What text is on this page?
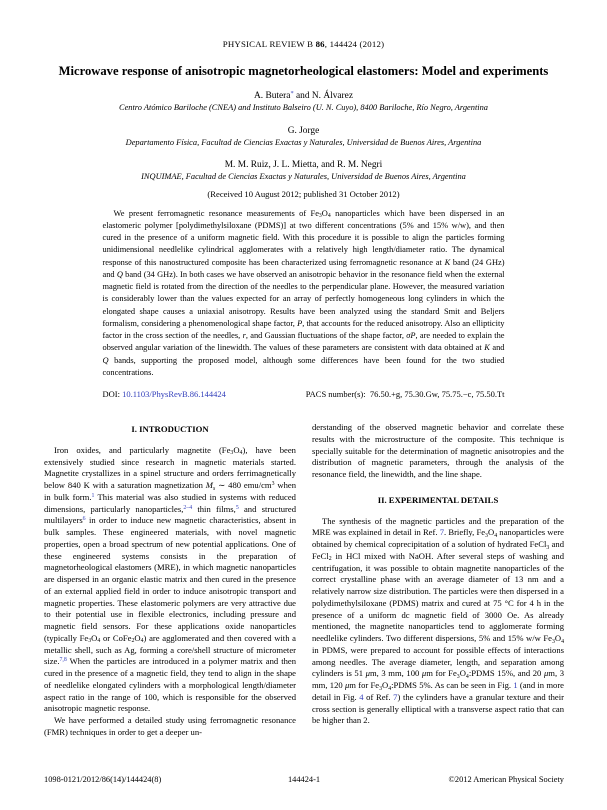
PHYSICAL REVIEW B 86, 144424 (2012)
Microwave response of anisotropic magnetorheological elastomers: Model and experiments
A. Butera* and N. Álvarez
Centro Atómico Bariloche (CNEA) and Instituto Balseiro (U. N. Cuyo), 8400 Bariloche, Río Negro, Argentina
G. Jorge
Departamento Física, Facultad de Ciencias Exactas y Naturales, Universidad de Buenos Aires, Argentina
M. M. Ruiz, J. L. Mietta, and R. M. Negri
INQUIMAE, Facultad de Ciencias Exactas y Naturales, Universidad de Buenos Aires, Argentina
(Received 10 August 2012; published 31 October 2012)
We present ferromagnetic resonance measurements of $Fe_3O_4$ nanoparticles which have been dispersed in an elastomeric polymer [polydimethylsiloxane (PDMS)] at two different concentrations (5% and 15% w/w), and then cured in the presence of a uniform magnetic field. With this procedure it is possible to align the particles forming unidimensional needlelike cylindrical agglomerates with a relatively high length/diameter ratio. The dynamical response of this nanostructured composite has been characterized using ferromagnetic resonance at K band (24 GHz) and Q band (34 GHz). In both cases we have observed an anisotropic behavior in the resonance field when the external magnetic field is rotated from the direction of the needles to the perpendicular plane. However, the measured variation is considerably lower than the values expected for an array of perfectly homogeneous long cylinders in which the elongated shape causes a uniaxial anisotropy. Results have been analyzed using the standard Smit and Beljers formalism, considering a phenomenological shape factor, P, that accounts for the reduced anisotropy. Also an ellipticity factor in the cross section of the needles, r, and Gaussian fluctuations of the shape factor, σP, are needed to explain the observed angular variation of the linewidth. The values of these parameters are consistent with data obtained at K and Q bands, supporting the proposed model, although some differences have been found for the two studied concentrations.
DOI: 10.1103/PhysRevB.86.144424	PACS number(s): 76.50.+g, 75.30.Gw, 75.75.−c, 75.50.Tt
I. INTRODUCTION

Iron oxides, and particularly magnetite $(Fe_3O_4)$, have been extensively studied since research in magnetic materials started. Magnetite crystallizes in a spinel structure and orders ferrimagnetically below 840 K with a saturation magnetization $M_s$ ∼ 480 emu/$cm^3$ when in bulk form.$^1$ This material was also studied in systems with reduced dimensions, particularly nanoparticles,$^{2-4}$ thin films,$^5$ and structured multilayers$^6$ in order to induce new magnetic characteristics, absent in bulk samples. These engineered materials, with novel magnetic properties, open a broad spectrum of new potential applications. One of these engineered systems consists in the preparation of magnetorheological elastomers (MRE), in which magnetic nanoparticles are dispersed in an organic elastic matrix and then cured in the presence of an external applied field in order to induce anisotropic transport and magnetic properties. These elastomeric polymers are very attractive due to their potential use in flexible electronics, including pressure and magnetic field sensors. For these applications oxide nanoparticles (typically $Fe_3O_4$ or $CoFe_2O_4$) are agglomerated and then covered with a metallic shell, such as Ag, forming a core/shell structure of micrometer size.$^{7,8}$ When the particles are introduced in a polymer matrix and then cured in the presence of a magnetic field, they tend to align in the shape of needlelike elongated cylinders with a morphological length/diameter aspect ratio in the range of 100, which is responsible for the observed anisotropic magnetic response.

We have performed a detailed study using ferromagnetic resonance (FMR) techniques in order to get a deeper un-

derstanding of the observed magnetic behavior and correlate these results with the microstructure of the composite. This technique is specially suitable for the determination of magnetic anisotropies and the distribution of magnetic parameters, through the analysis of the resonance field, the linewidth, and the line shape.

II. EXPERIMENTAL DETAILS

The synthesis of the magnetic particles and the preparation of the MRE was explained in detail in Ref. 7. Briefly, $Fe_3O_4$ nanoparticles were obtained by chemical coprecipitation of a solution of hydrated FeCl$_3$ and FeCl$_2$ in HCl mixed with NaOH. After several steps of washing and centrifugation, it was possible to obtain magnetite nanoparticles of the correct crystalline phase with an average diameter of 13 nm and a relatively narrow size distribution. The particles were then dispersed in a polydimethylsiloxane (PDMS) matrix and cured at 75 °C for 4 h in the presence of a uniform dc magnetic field of 3000 Oe. As already mentioned, the magnetite nanoparticles tend to agglomerate forming needlelike cylinders. Two different dispersions, 5% and 15% w/w $Fe_3O_4$ in PDMS, were prepared to account for possible effects of interactions among needles. The average diameter, length, and separation among cylinders is 51 μm, 3 mm, 100 μm for $Fe_3O_4:PDMS$ 15%, and 20 μm, 3 mm, 120 μm for $Fe_3O_4:PDMS$ 5%. As can be seen in Fig. 1 (and in more detail in Fig. 4 of Ref. 7) the cylinders have a granular texture and their cross section is generally elliptical with a transverse aspect ratio that can be higher than 2.

1098-0121/2012/86(14)/144424(8)	144424-1	©2012 American Physical Society
